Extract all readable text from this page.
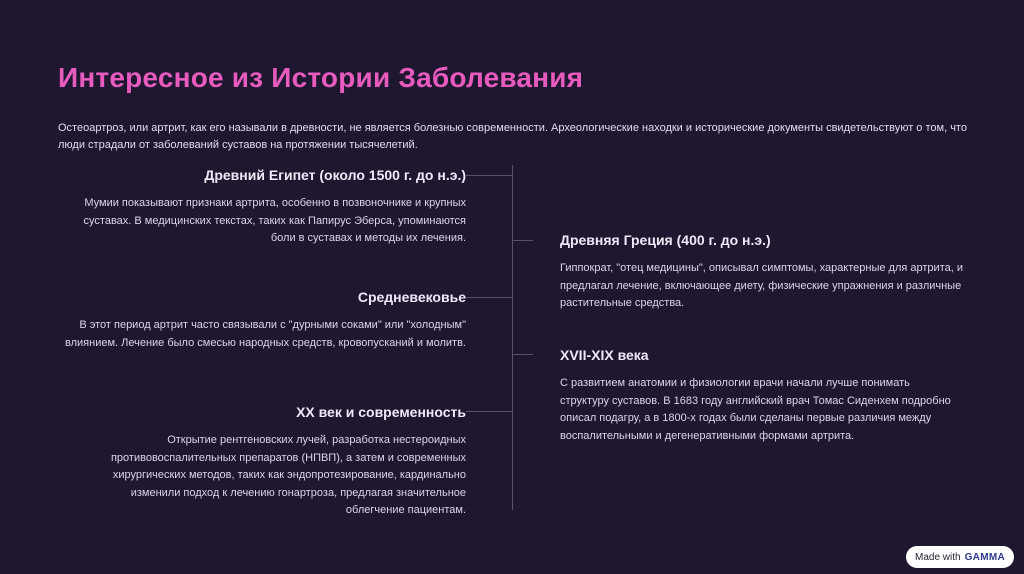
Интересное из Истории Заболевания
Остеоартроз, или артрит, как его называли в древности, не является болезнью современности. Археологические находки и исторические документы свидетельствуют о том, что люди страдали от заболеваний суставов на протяжении тысячелетий.
Древний Египет (около 1500 г. до н.э.)
Мумии показывают признаки артрита, особенно в позвоночнике и крупных суставах. В медицинских текстах, таких как Папирус Эберса, упоминаются боли в суставах и методы их лечения.
Средневековье
В этот период артрит часто связывали с "дурными соками" или "холодным" влиянием. Лечение было смесью народных средств, кровопусканий и молитв.
XX век и современность
Открытие рентгеновских лучей, разработка нестероидных противовоспалительных препаратов (НПВП), а затем и современных хирургических методов, таких как эндопротезирование, кардинально изменили подход к лечению гонартроза, предлагая значительное облегчение пациентам.
Древняя Греция (400 г. до н.э.)
Гиппократ, "отец медицины", описывал симптомы, характерные для артрита, и предлагал лечение, включающее диету, физические упражнения и различные растительные средства.
XVII-XIX века
С развитием анатомии и физиологии врачи начали лучше понимать структуру суставов. В 1683 году английский врач Томас Сиденхем подробно описал подагру, а в 1800-х годах были сделаны первые различия между воспалительными и дегенеративными формами артрита.
Made with GAMMA
